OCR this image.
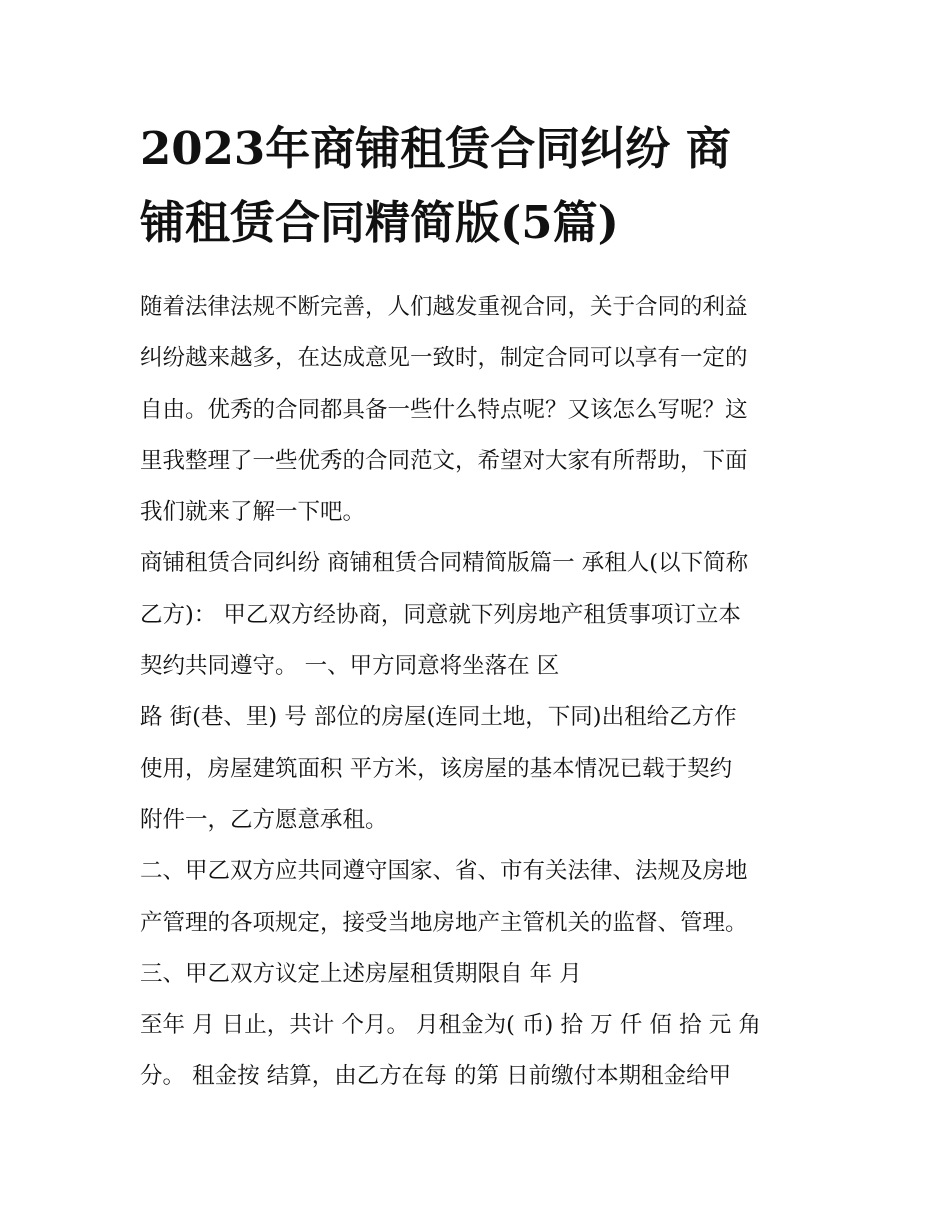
2023年商铺租赁合同纠纷 商
铺租赁合同精简版(5篇)
随着法律法规不断完善，人们越发重视合同，关于合同的利益
纠纷越来越多，在达成意见一致时，制定合同可以享有一定的
自由。优秀的合同都具备一些什么特点呢？又该怎么写呢？这
里我整理了一些优秀的合同范文，希望对大家有所帮助，下面
我们就来了解一下吧。
商铺租赁合同纠纷 商铺租赁合同精简版篇一 承租人(以下简称
乙方)： 甲乙双方经协商，同意就下列房地产租赁事项订立本
契约共同遵守。 一、甲方同意将坐落在 区
路 街(巷、里) 号 部位的房屋(连同土地，下同)出租给乙方作
使用，房屋建筑面积 平方米，该房屋的基本情况已载于契约
附件一，乙方愿意承租。
二、甲乙双方应共同遵守国家、省、市有关法律、法规及房地
产管理的各项规定，接受当地房地产主管机关的监督、管理。
三、甲乙双方议定上述房屋租赁期限自 年 月
至年 月 日止，共计 个月。 月租金为( 币) 拾 万 仟 佰 拾 元 角
分。 租金按 结算，由乙方在每 的第 日前缴付本期租金给甲
